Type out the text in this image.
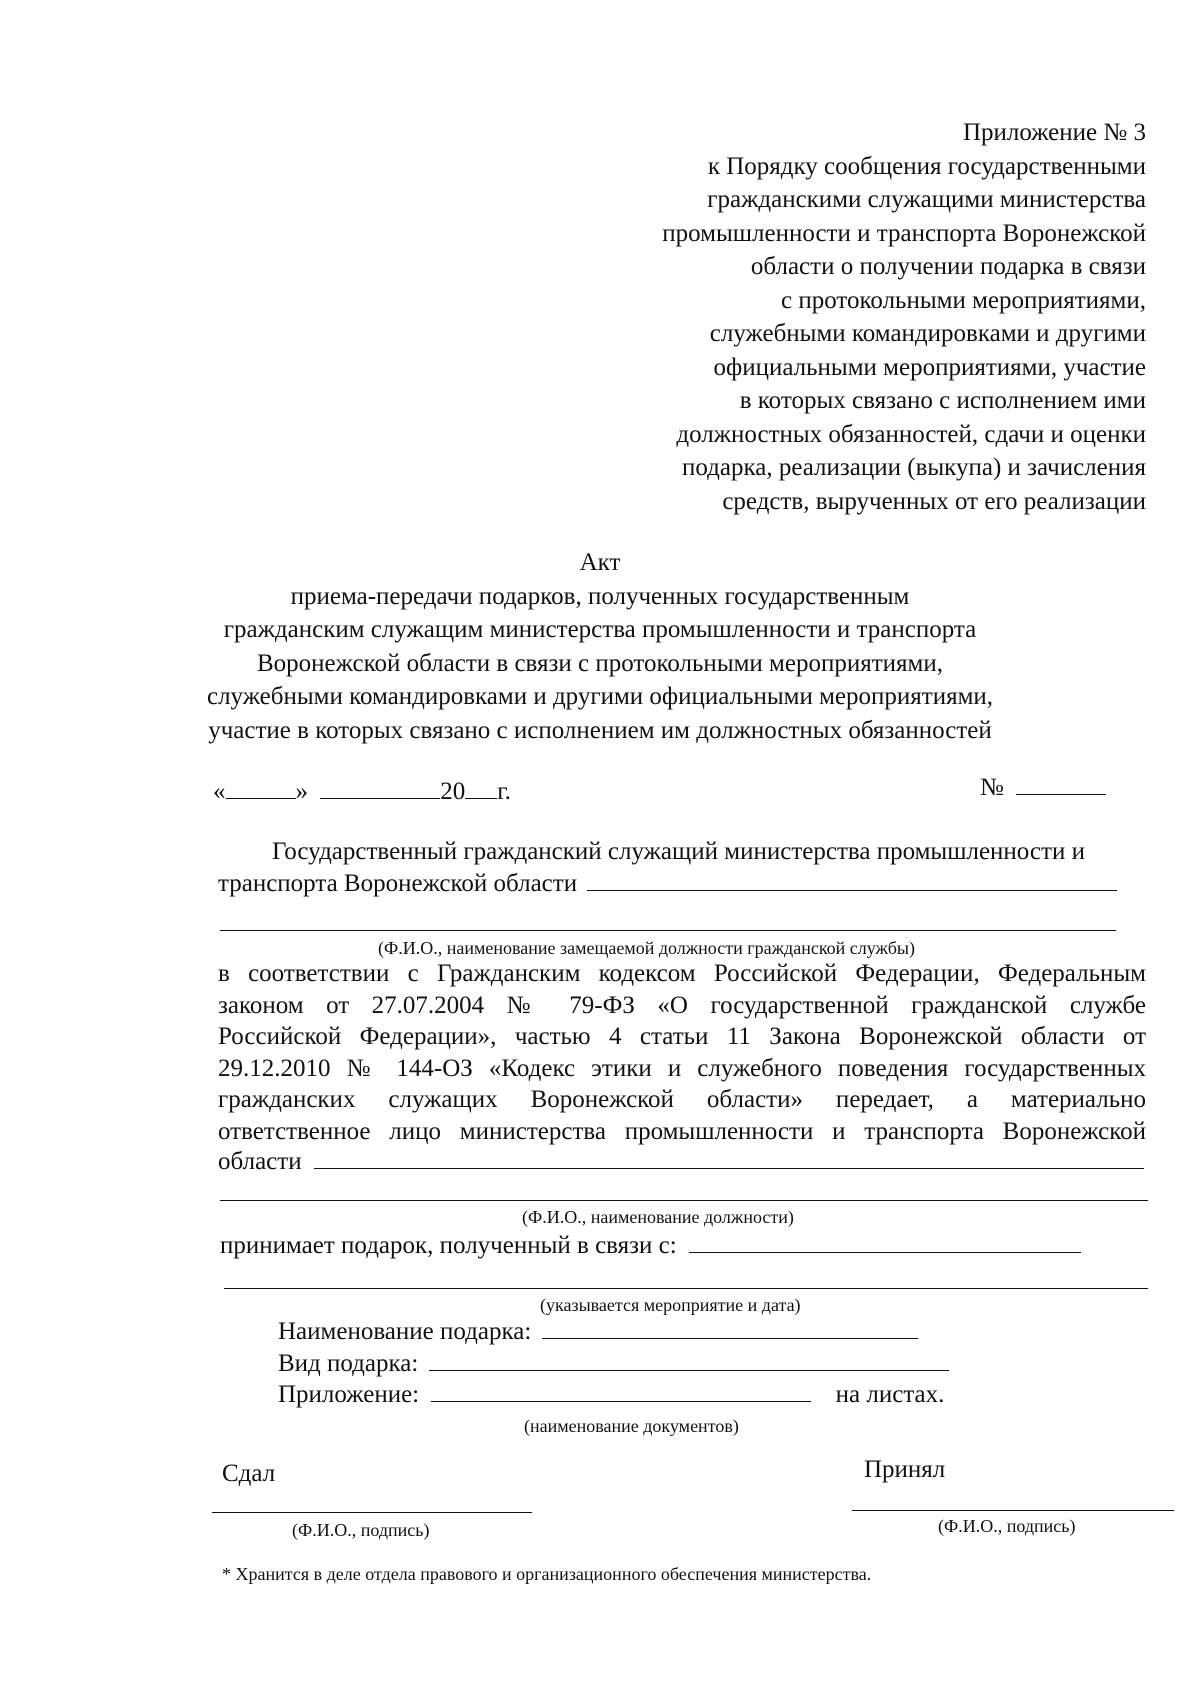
Приложение № 3
к Порядку сообщения государственными
гражданскими служащими министерства
промышленности и транспорта Воронежской
области о получении подарка в связи
с протокольными мероприятиями,
служебными командировками и другими
официальными мероприятиями, участие
в которых связано с исполнением ими
должностных обязанностей, сдачи и оценки
подарка, реализации (выкупа) и зачисления
средств, вырученных от его реализации
Акт
приема-передачи подарков, полученных государственным
гражданским служащим министерства промышленности и транспорта
Воронежской области в связи с протокольными мероприятиями,
служебными командировками и другими официальными мероприятиями,
участие в которых связано с исполнением им должностных обязанностей
«	»	20 г.	№
Государственный гражданский служащий министерства промышленности и
транспорта Воронежской области
(Ф.И.О., наименование замещаемой должности гражданской службы)
в соответствии с Гражданским кодексом Российской Федерации, Федеральным
законом от 27.07.2004 № 79-ФЗ «О государственной гражданской службе
Российской Федерации», частью 4 статьи 11 Закона Воронежской области от
29.12.2010 № 144-ОЗ «Кодекс этики и служебного поведения государственных
гражданских служащих Воронежской области» передает, а материально
ответственное лицо министерства промышленности и транспорта Воронежской
области
(Ф.И.О., наименование должности)
принимает подарок, полученный в связи с:
(указывается мероприятие и дата)
Наименование подарка:
Вид подарка:
Приложение:	на листах.
(наименование документов)
Сдал	Принял
(Ф.И.О., подпись)	(Ф.И.О., подпись)
* Хранится в деле отдела правового и организационного обеспечения министерства.
